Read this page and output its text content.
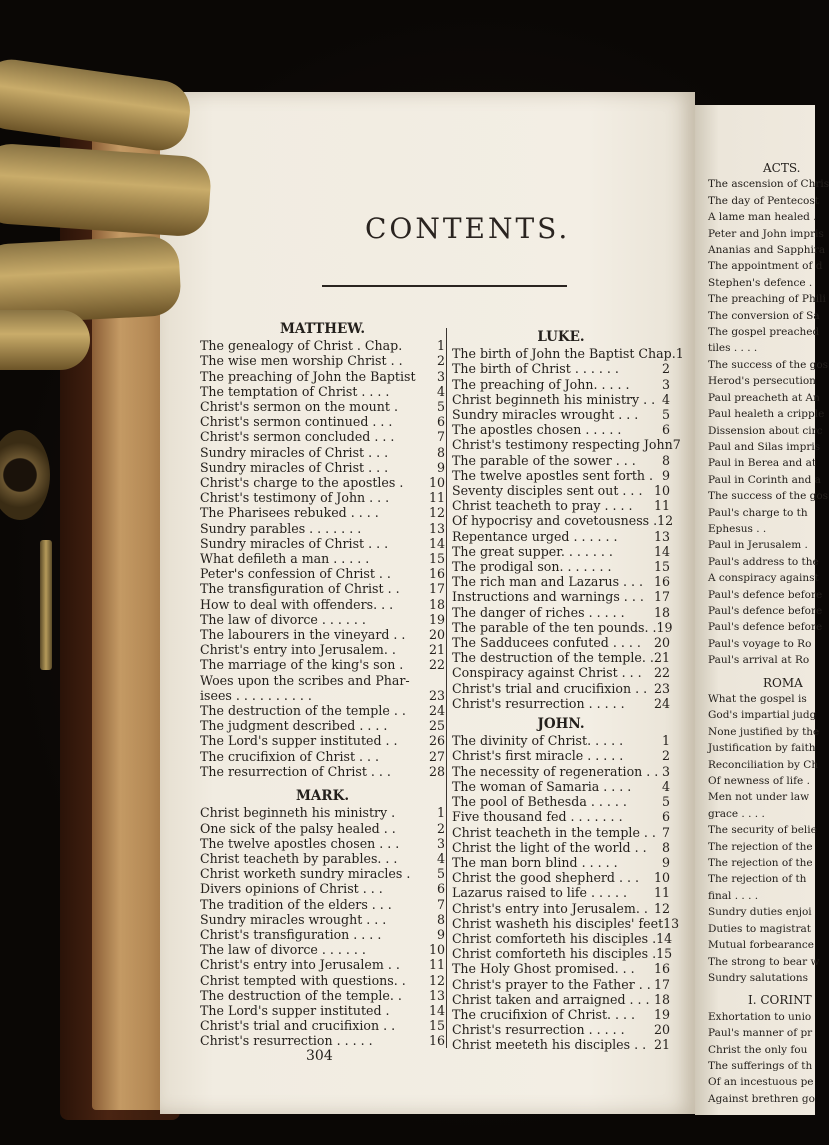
CONTENTS.
MATTHEW.
The genealogy of Christ . Chap.	1
The wise men worship Christ . .	2
The preaching of John the Baptist	3
The temptation of Christ . . . .	4
Christ's sermon on the mount .	5
Christ's sermon continued . . .	6
Christ's sermon concluded . . .	7
Sundry miracles of Christ . . .	8
Sundry miracles of Christ . . .	9
Christ's charge to the apostles .	10
Christ's testimony of John . . .	11
The Pharisees rebuked . . . .	12
Sundry parables . . . . . . .	13
Sundry miracles of Christ . . .	14
What defileth a man . . . . .	15
Peter's confession of Christ . .	16
The transfiguration of Christ . .	17
How to deal with offenders. . .	18
The law of divorce . . . . . .	19
The labourers in the vineyard . .	20
Christ's entry into Jerusalem. .	21
The marriage of the king's son .	22
Woes upon the scribes and Phar-
isees . . . . . . . . . .	23
The destruction of the temple . .	24
The judgment described . . . .	25
The Lord's supper instituted . .	26
The crucifixion of Christ . . .	27
The resurrection of Christ . . .	28
MARK.
Christ beginneth his ministry .	1
One sick of the palsy healed . .	2
The twelve apostles chosen . . .	3
Christ teacheth by parables. . .	4
Christ worketh sundry miracles .	5
Divers opinions of Christ . . .	6
The tradition of the elders . . .	7
Sundry miracles wrought . . .	8
Christ's transfiguration . . . .	9
The law of divorce . . . . . .	10
Christ's entry into Jerusalem . .	11
Christ tempted with questions. .	12
The destruction of the temple. .	13
The Lord's supper instituted .	14
Christ's trial and crucifixion . .	15
Christ's resurrection . . . . .	16
LUKE.
The birth of John the Baptist Chap. 1
The birth of Christ . . . . . .	2
The preaching of John. . . . .	3
Christ beginneth his ministry . . 4
Sundry miracles wrought . . .	5
The apostles chosen . . . . .	6
Christ's testimony respecting John 7
The parable of the sower . . .	8
The twelve apostles sent forth . 9
Seventy disciples sent out . . . 10
Christ teacheth to pray . . . .	11
Of hypocrisy and covetousness . 12
Repentance urged . . . . . .	13
The great supper. . . . . . .	14
The prodigal son. . . . . . .	15
The rich man and Lazarus . . . 16
Instructions and warnings . . . 17
The danger of riches . . . . .	18
The parable of the ten pounds. . 19
The Sadducees confuted . . . .	20
The destruction of the temple. . 21
Conspiracy against Christ . . . 22
Christ's trial and crucifixion . . 23
Christ's resurrection . . . . .	24
JOHN.
The divinity of Christ. . . . .	1
Christ's first miracle . . . . .	2
The necessity of regeneration . . 3
The woman of Samaria . . . .	4
The pool of Bethesda . . . . .	5
Five thousand fed . . . . . . .	6
Christ teacheth in the temple . . 7
Christ the light of the world . .	8
The man born blind . . . . .	9
Christ the good shepherd . . .	10
Lazarus raised to life . . . . .	11
Christ's entry into Jerusalem. . 12
Christ washeth his disciples' feet 13
Christ comforteth his disciples . 14
Christ comforteth his disciples . 15
The Holy Ghost promised. . .	16
Christ's prayer to the Father . . 17
Christ taken and arraigned . . . 18
The crucifixion of Christ. . . .	19
Christ's resurrection . . . . .	20
Christ meeteth his disciples . . 21
304
ACTS.
The ascension of Chris
The day of Pentecost
A lame man healed .
Peter and John impris
Ananias and Sapphira
The appointment of d
Stephen's defence .
The preaching of Phili
The conversion of Sa
The gospel preached
tiles . . . .
The success of the gos
Herod's persecution
Paul preacheth at An
Paul healeth a cripple
Dissension about circ
Paul and Silas impris
Paul in Berea and at
Paul in Corinth and a
The success of the gos
Paul's charge to th
Ephesus . .
Paul in Jerusalem .
Paul's address to the
A conspiracy against
Paul's defence before
Paul's defence before
Paul's defence before
Paul's voyage to Ro
Paul's arrival at Ro
ROMA
What the gospel is
God's impartial judg
None justified by the
Justification by faith
Reconciliation by Ch
Of newness of life .
Men not under law
grace . . . .
The security of belie
The rejection of the
The rejection of the
The rejection of th
final . . . .
Sundry duties enjoi
Duties to magistrat
Mutual forbearance
The strong to bear w
Sundry salutations
I. CORINT
Exhortation to unio
Paul's manner of pr
Christ the only fou
The sufferings of th
Of an incestuous pe
Against brethren go
